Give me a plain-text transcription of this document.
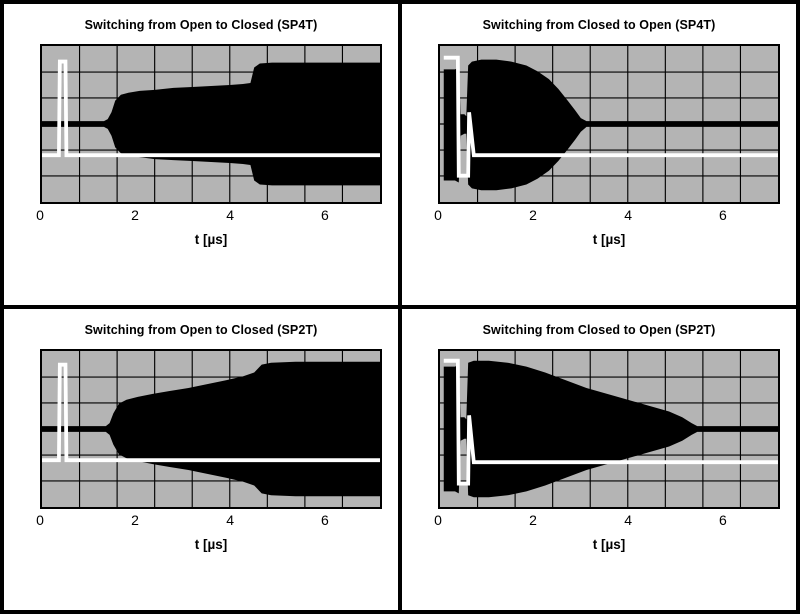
Switching from Open to Closed (SP4T)
0	2	4	6
t [µs]
Switching from Closed to Open (SP4T)
0	2	4	6
t [µs]
Switching from Open to Closed (SP2T)
0	2	4	6
t [µs]
Switching from Closed to Open (SP2T)
0	2	4	6
t [µs]
